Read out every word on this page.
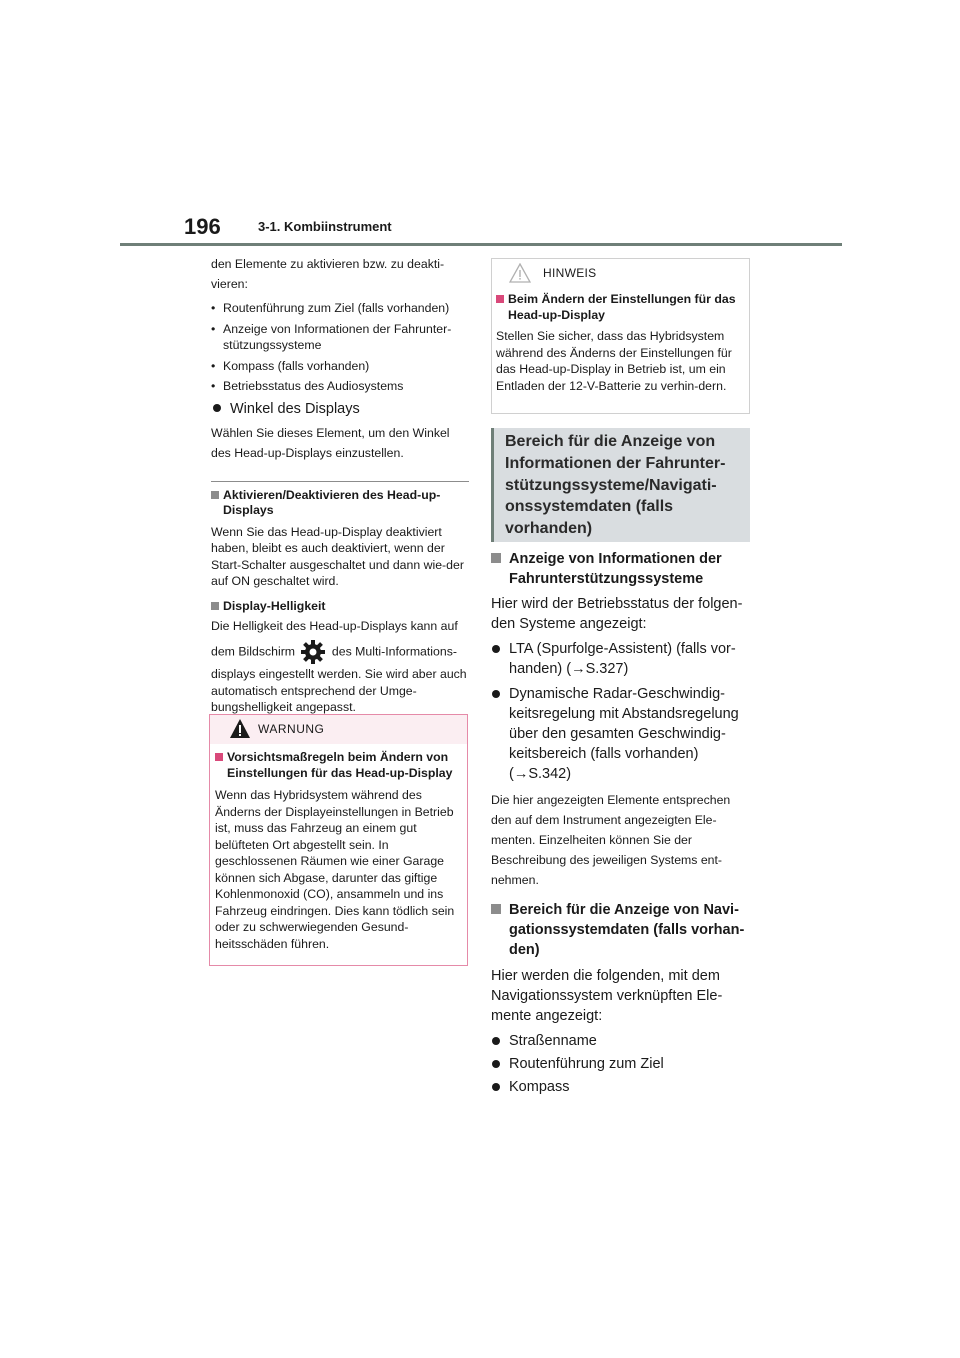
196	3-1. Kombiinstrument

den Elemente zu aktivieren bzw. zu deakti-

vieren:

• Routenführung zum Ziel (falls vorhanden)
• Anzeige von Informationen der Fahrunter-stützungssysteme
• Kompass (falls vorhanden)
• Betriebsstatus des Audiosystems

Winkel des Displays

Wählen Sie dieses Element, um den Winkel

des Head-up-Displays einzustellen.

Aktivieren/Deaktivieren des Head-up-Displays

Wenn Sie das Head-up-Display deaktiviert haben, bleibt es auch deaktiviert, wenn der Start-Schalter ausgeschaltet und dann wie-der auf ON geschaltet wird.

Display-Helligkeit

Die Helligkeit des Head-up-Displays kann auf

dem Bildschirm	des Multi-Informations-

displays eingestellt werden. Sie wird aber auch automatisch entsprechend der Umge-bungshelligkeit angepasst.

WARNUNG

Vorsichtsmaßregeln beim Ändern von Einstellungen für das Head-up-Display

Wenn das Hybridsystem während des Änderns der Displayeinstellungen in Betrieb ist, muss das Fahrzeug an einem gut belüfteten Ort abgestellt sein. In geschlossenen Räumen wie einer Garage können sich Abgase, darunter das giftige Kohlenmonoxid (CO), ansammeln und ins Fahrzeug eindringen. Dies kann tödlich sein oder zu schwerwiegenden Gesund-heitsschäden führen.

HINWEIS

Beim Ändern der Einstellungen für das Head-up-Display

Stellen Sie sicher, dass das Hybridsystem während des Änderns der Einstellungen für das Head-up-Display in Betrieb ist, um ein Entladen der 12-V-Batterie zu verhin-dern.

Bereich für die Anzeige von
Informationen der Fahrunter-
stützungssysteme/Navigati-
onssystemdaten (falls
vorhanden)

Anzeige von Informationen der Fahrunterstützungssysteme

Hier wird der Betriebsstatus der folgen-den Systeme angezeigt:

LTA (Spurfolge-Assistent) (falls vor-handen) (→S.327)
Dynamische Radar-Geschwindig-keitsregelung mit Abstandsregelung über den gesamten Geschwindig-keitsbereich (falls vorhanden) (→S.342)

Die hier angezeigten Elemente entsprechen

den auf dem Instrument angezeigten Ele-

menten. Einzelheiten können Sie der

Beschreibung des jeweiligen Systems ent-

nehmen.

Bereich für die Anzeige von Navi-gationssystemdaten (falls vorhan-den)

Hier werden die folgenden, mit dem Navigationssystem verknüpften Ele-mente angezeigt:

Straßenname
Routenführung zum Ziel
Kompass
